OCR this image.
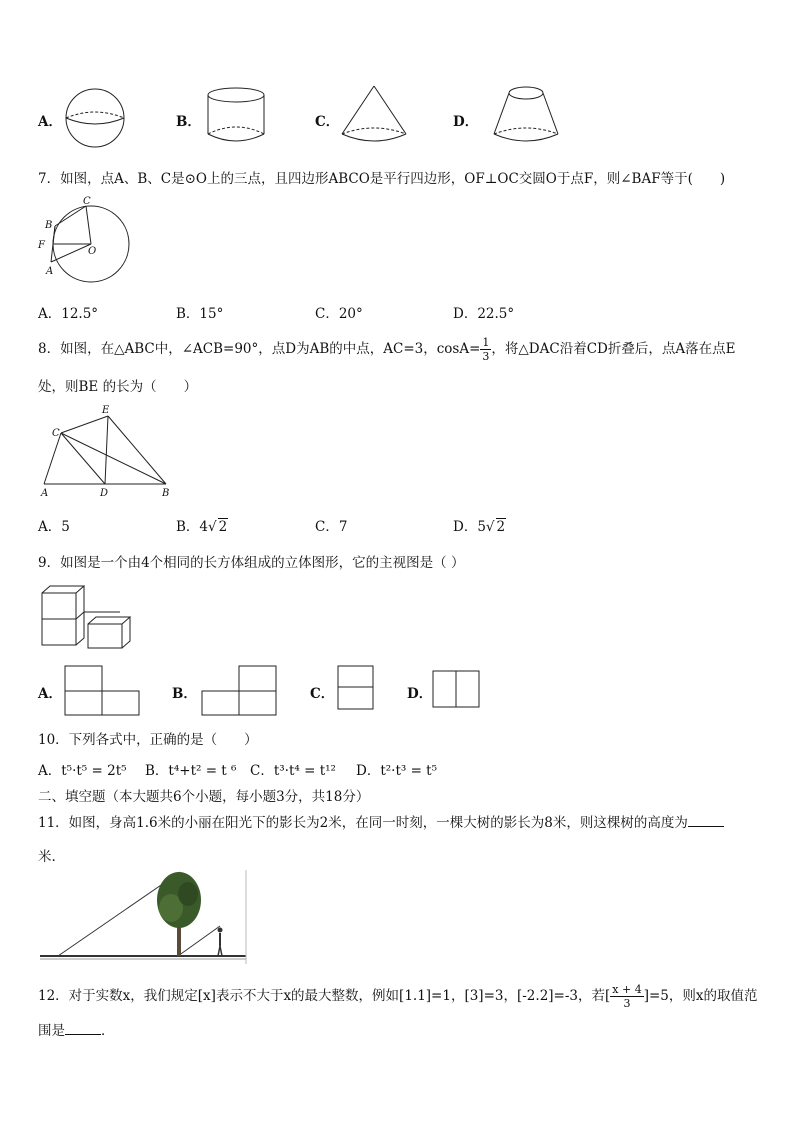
A．	B．	C．	D．
7．如图，点A、B、C是⊙O上的三点，且四边形ABCO是平行四边形，OF⊥OC交圆O于点F，则∠BAF等于(　　)
C
B
F
A
O
A．12.5°	B．15°	C．20°	D．22.5°
8．如图，在△ABC中，∠ACB=90°，点D为AB的中点，AC=3，$\cos A= \frac{1}{3}$ ，将△DAC沿着CD折叠后，点A落在点E
处，则BE 的长为（　　）
E
C
A	D	B
A．5	B．4√ 2	C．7	D．5√ 2
9．如图是一个由4个相同的长方体组成的立体图形，它的主视图是（ ）
A．	B．	C．	D．
10．下列各式中，正确的是（　　）
A．t⁵·t⁵ = 2t⁵ B．t⁴+t² = t ⁶ C．t³·t⁴ = t¹² D．t²·t³ = t⁵
二、填空题（本大题共6个小题，每小题3分，共18分）
11．如图，身高1.6米的小丽在阳光下的影长为2米，在同一时刻，一棵大树的影长为8米，则这棵树的高度为
米.
12．对于实数x，我们规定[x]表示不大于x的最大整数，例如[1.1]=1，[3]=3，[-2.2]=-3，若[ $\frac{x + 4}{3} ]=5$，则x的取值范
围是	．
